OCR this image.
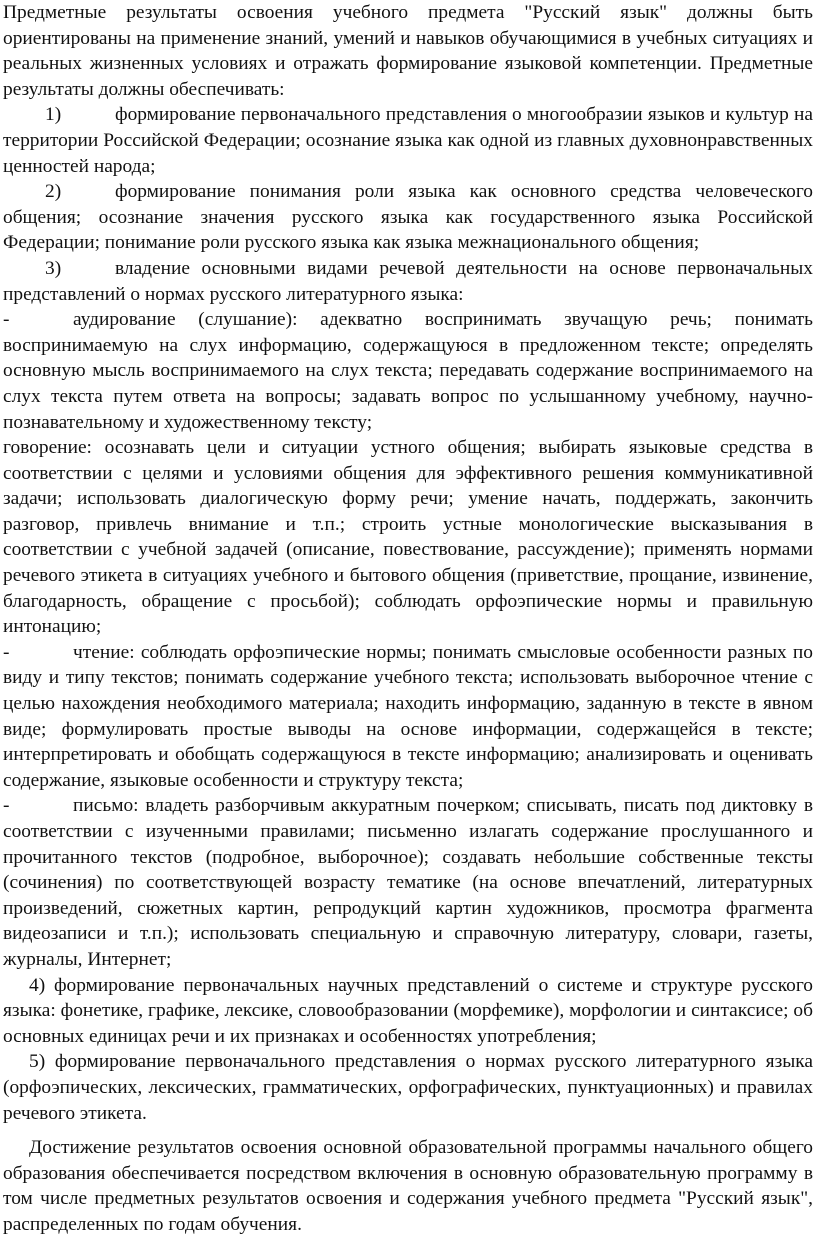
Предметные результаты освоения учебного предмета "Русский язык" должны быть ориентированы на применение знаний, умений и навыков обучающимися в учебных ситуациях и реальных жизненных условиях и отражать формирование языковой компетенции. Предметные результаты должны обеспечивать:

1)	формирование первоначального представления о многообразии языков и культур на территории Российской Федерации; осознание языка как одной из главных духовнонравственных ценностей народа;

2)	формирование понимания роли языка как основного средства человеческого общения; осознание значения русского языка как государственного языка Российской Федерации; понимание роли русского языка как языка межнационального общения;

3)	владение основными видами речевой деятельности на основе первоначальных представлений о нормах русского литературного языка:

-	аудирование (слушание): адекватно воспринимать звучащую речь; понимать воспринимаемую на слух информацию, содержащуюся в предложенном тексте; определять основную мысль воспринимаемого на слух текста; передавать содержание воспринимаемого на слух текста путем ответа на вопросы; задавать вопрос по услышанному учебному, научно-познавательному и художественному тексту;

говорение: осознавать цели и ситуации устного общения; выбирать языковые средства в соответствии с целями и условиями общения для эффективного решения коммуникативной задачи; использовать диалогическую форму речи; умение начать, поддержать, закончить разговор, привлечь внимание и т.п.; строить устные монологические высказывания в соответствии с учебной задачей (описание, повествование, рассуждение); применять нормами речевого этикета в ситуациях учебного и бытового общения (приветствие, прощание, извинение, благодарность, обращение с просьбой); соблюдать орфоэпические нормы и правильную интонацию;

-	чтение: соблюдать орфоэпические нормы; понимать смысловые особенности разных по виду и типу текстов; понимать содержание учебного текста; использовать выборочное чтение с целью нахождения необходимого материала; находить информацию, заданную в тексте в явном виде; формулировать простые выводы на основе информации, содержащейся в тексте; интерпретировать и обобщать содержащуюся в тексте информацию; анализировать и оценивать содержание, языковые особенности и структуру текста;

-	письмо: владеть разборчивым аккуратным почерком; списывать, писать под диктовку в соответствии с изученными правилами; письменно излагать содержание прослушанного и прочитанного текстов (подробное, выборочное); создавать небольшие собственные тексты (сочинения) по соответствующей возрасту тематике (на основе впечатлений, литературных произведений, сюжетных картин, репродукций картин художников, просмотра фрагмента видеозаписи и т.п.); использовать специальную и справочную литературу, словари, газеты, журналы, Интернет;

4) формирование первоначальных научных представлений о системе и структуре русского языка: фонетике, графике, лексике, словообразовании (морфемике), морфологии и синтаксисе; об основных единицах речи и их признаках и особенностях употребления;

5) формирование первоначального представления о нормах русского литературного языка (орфоэпических, лексических, грамматических, орфографических, пунктуационных) и правилах речевого этикета.

Достижение результатов освоения основной образовательной программы начального общего образования обеспечивается посредством включения в основную образовательную программу в том числе предметных результатов освоения и содержания учебного предмета "Русский язык", распределенных по годам обучения.
